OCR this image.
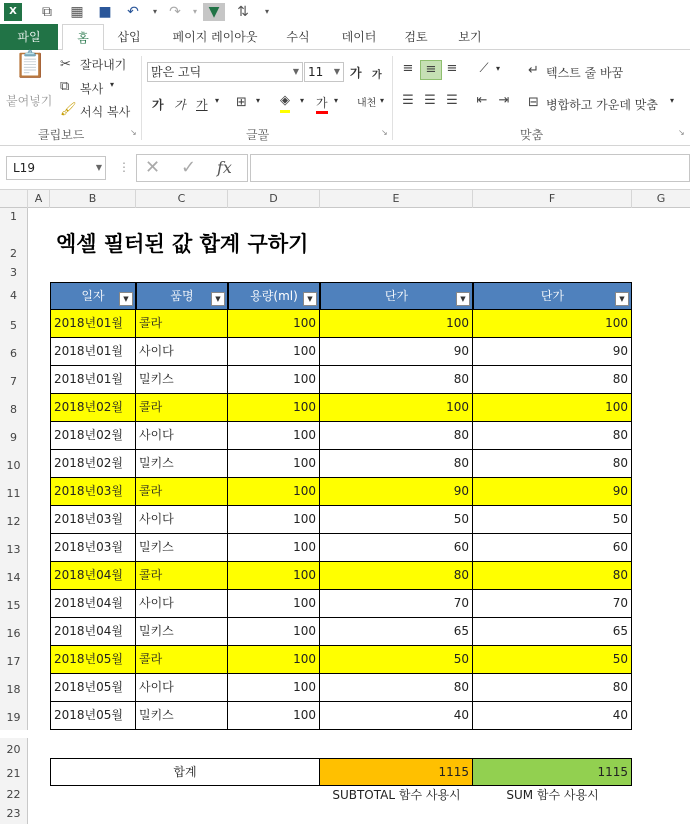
X	⧉ ▦ ■ ↶	▾ ↷	▾ ▼	⇅	▾
파일	홈	삽입	페이지 레이아웃	수식	데이터	검토	보기
📋
붙여넣기
✂ 잘라내기
⧉ 복사 ▾
🖌 서식 복사
클립보드	↘
맑은 고딕	▼ 11 ▼ 가 가
가 가 가 ▾ ⊞ ▾ ◈ ▾ 가 ▾ 내천 ▾
글꼴	↘
≡ ≡ ≡	⟋ ▾ ↵ 텍스트 줄 바꿈
☰ ☰ ☰	⇤ ⇥	⊟ 병합하고 가운데 맞춤 ▾
맞춤	↘
L19	▼ ⋮ ✕ ✓ fx
A	B	C	D	E	F	G
1
2
3
4
5
6
7
8
9
10
11
12
13
14
15
16
17
18
19
20
21
22
23
엑셀 필터된 값 합계 구하기
일자	▼	품명	▼	용량(ml)	▼	단가	▼	단가	▼
2018년01월	콜라	100	100	100
2018년01월	사이다	100	90	90
2018년01월	밀키스	100	80	80
2018년02월	콜라	100	100	100
2018년02월	사이다	100	80	80
2018년02월	밀키스	100	80	80
2018년03월	콜라	100	90	90
2018년03월	사이다	100	50	50
2018년03월	밀키스	100	60	60
2018년04월	콜라	100	80	80
2018년04월	사이다	100	70	70
2018년04월	밀키스	100	65	65
2018년05월	콜라	100	50	50
2018년05월	사이다	100	80	80
2018년05월	밀키스	100	40	40
합계	1115	1115
SUBTOTAL 함수 사용시	SUM 함수 사용시
